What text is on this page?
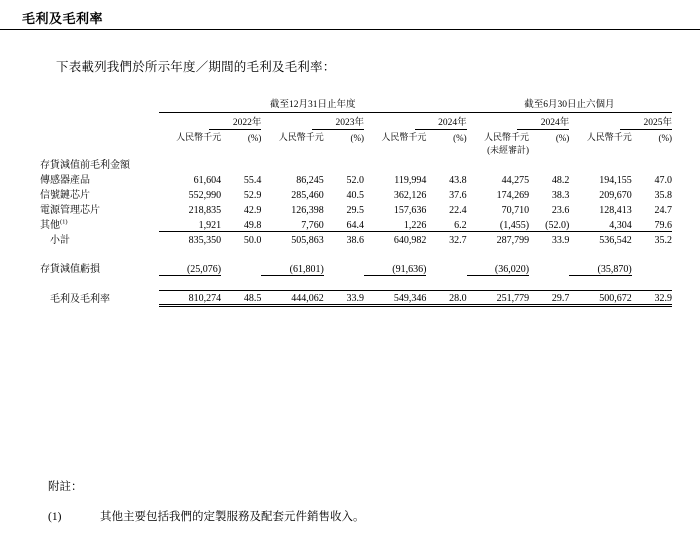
毛利及毛利率
下表載列我們於所示年度／期間的毛利及毛利率：

	截至12月31日止年度						截至6月30日止六個月			

	2022年		2023年		2024年		2024年		2025年	
	人民幣千元	(%)	人民幣千元	(%)	人民幣千元	(%)	人民幣千元	(%)	人民幣千元	(%)
							(未經審計)			
存貨減值前毛利金額										
傳感器產品	61,604	55.4	86,245	52.0	119,994	43.8	44,275	48.2	194,155	47.0
信號鏈芯片	552,990	52.9	285,460	40.5	362,126	37.6	174,269	38.3	209,670	35.8
電源管理芯片	218,835	42.9	126,398	29.5	157,636	22.4	70,710	23.6	128,413	24.7
其他$^{(1)}$	1,921	49.8	7,760	64.4	1,226	6.2	(1,455)	(52.0)	4,304	79.6
小計	835,350	50.0	505,863	38.6	640,982	32.7	287,799	33.9	536,542	35.2

存貨減值虧損	(25,076)		(61,801)		(91,636)		(36,020)		(35,870)	

毛利及毛利率	810,274	48.5	444,062	33.9	549,346	28.0	251,779	29.7	500,672	32.9
附註：
(1)	其他主要包括我們的定製服務及配套元件銷售收入。
